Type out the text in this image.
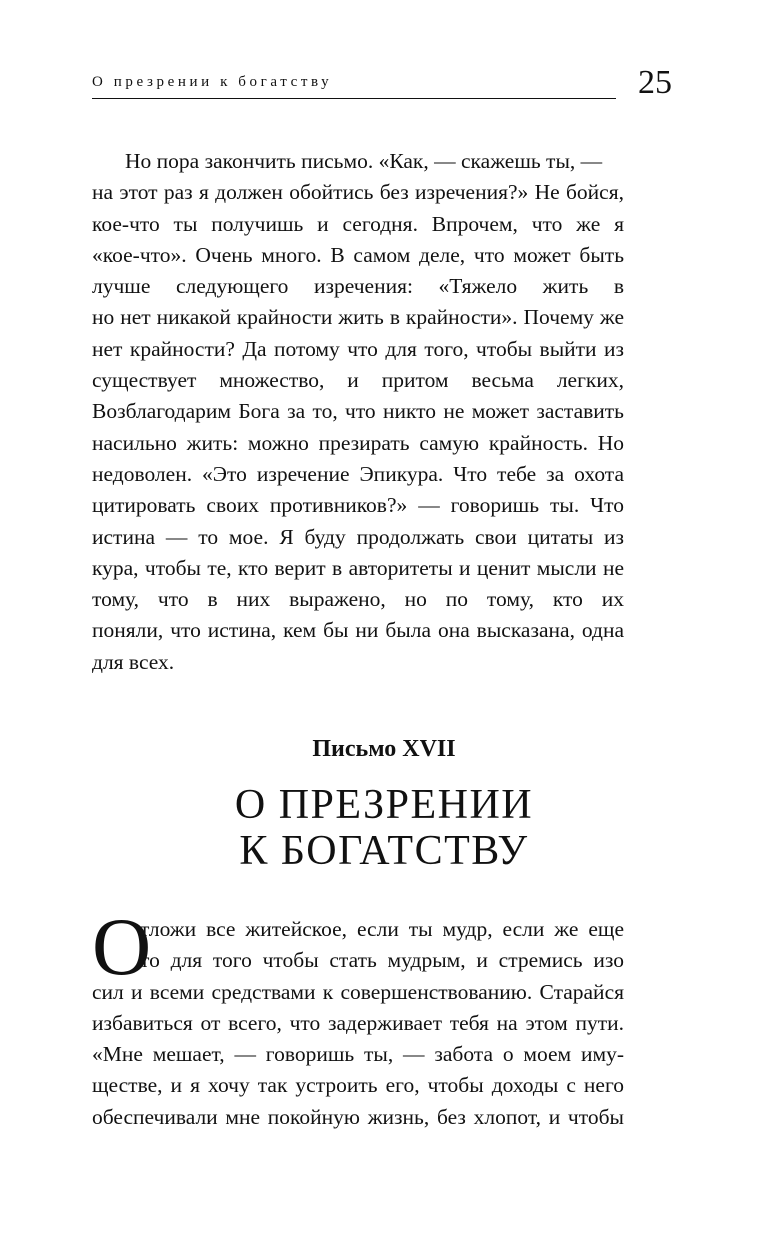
О презрении к богатству	25
Но пора закончить письмо. «Как, — скажешь ты, —
на этот раз я должен обойтись без изречения?» Не бойся,
кое-что ты получишь и сегодня. Впрочем, что же я
«кое-что». Очень много. В самом деле, что может быть
лучше следующего изречения: «Тяжело жить в
но нет никакой крайности жить в крайности». Почему же
нет крайности? Да потому что для того, чтобы выйти из
существует множество, и притом весьма легких,
Возблагодарим Бога за то, что никто не может заставить
насильно жить: можно презирать самую крайность. Но
недоволен. «Это изречение Эпикура. Что тебе за охота
цитировать своих противников?» — говоришь ты. Что
истина — то мое. Я буду продолжать свои цитаты из
кура, чтобы те, кто верит в авторитеты и ценит мысли не
тому, что в них выражено, но по тому, кто их
поняли, что истина, кем бы ни была она высказана, одна
для всех.
Письмо XVII
О ПРЕЗРЕНИИ
К БОГАТСТВУ
О
тложи все житейское, если ты мудр, если же еще
то для того чтобы стать мудрым, и стремись изо
сил и всеми средствами к совершенствованию. Старайся
избавиться от всего, что задерживает тебя на этом пути.
«Мне мешает, — говоришь ты, — забота о моем иму-
ществе, и я хочу так устроить его, чтобы доходы с него
обеспечивали мне покойную жизнь, без хлопот, и чтобы
